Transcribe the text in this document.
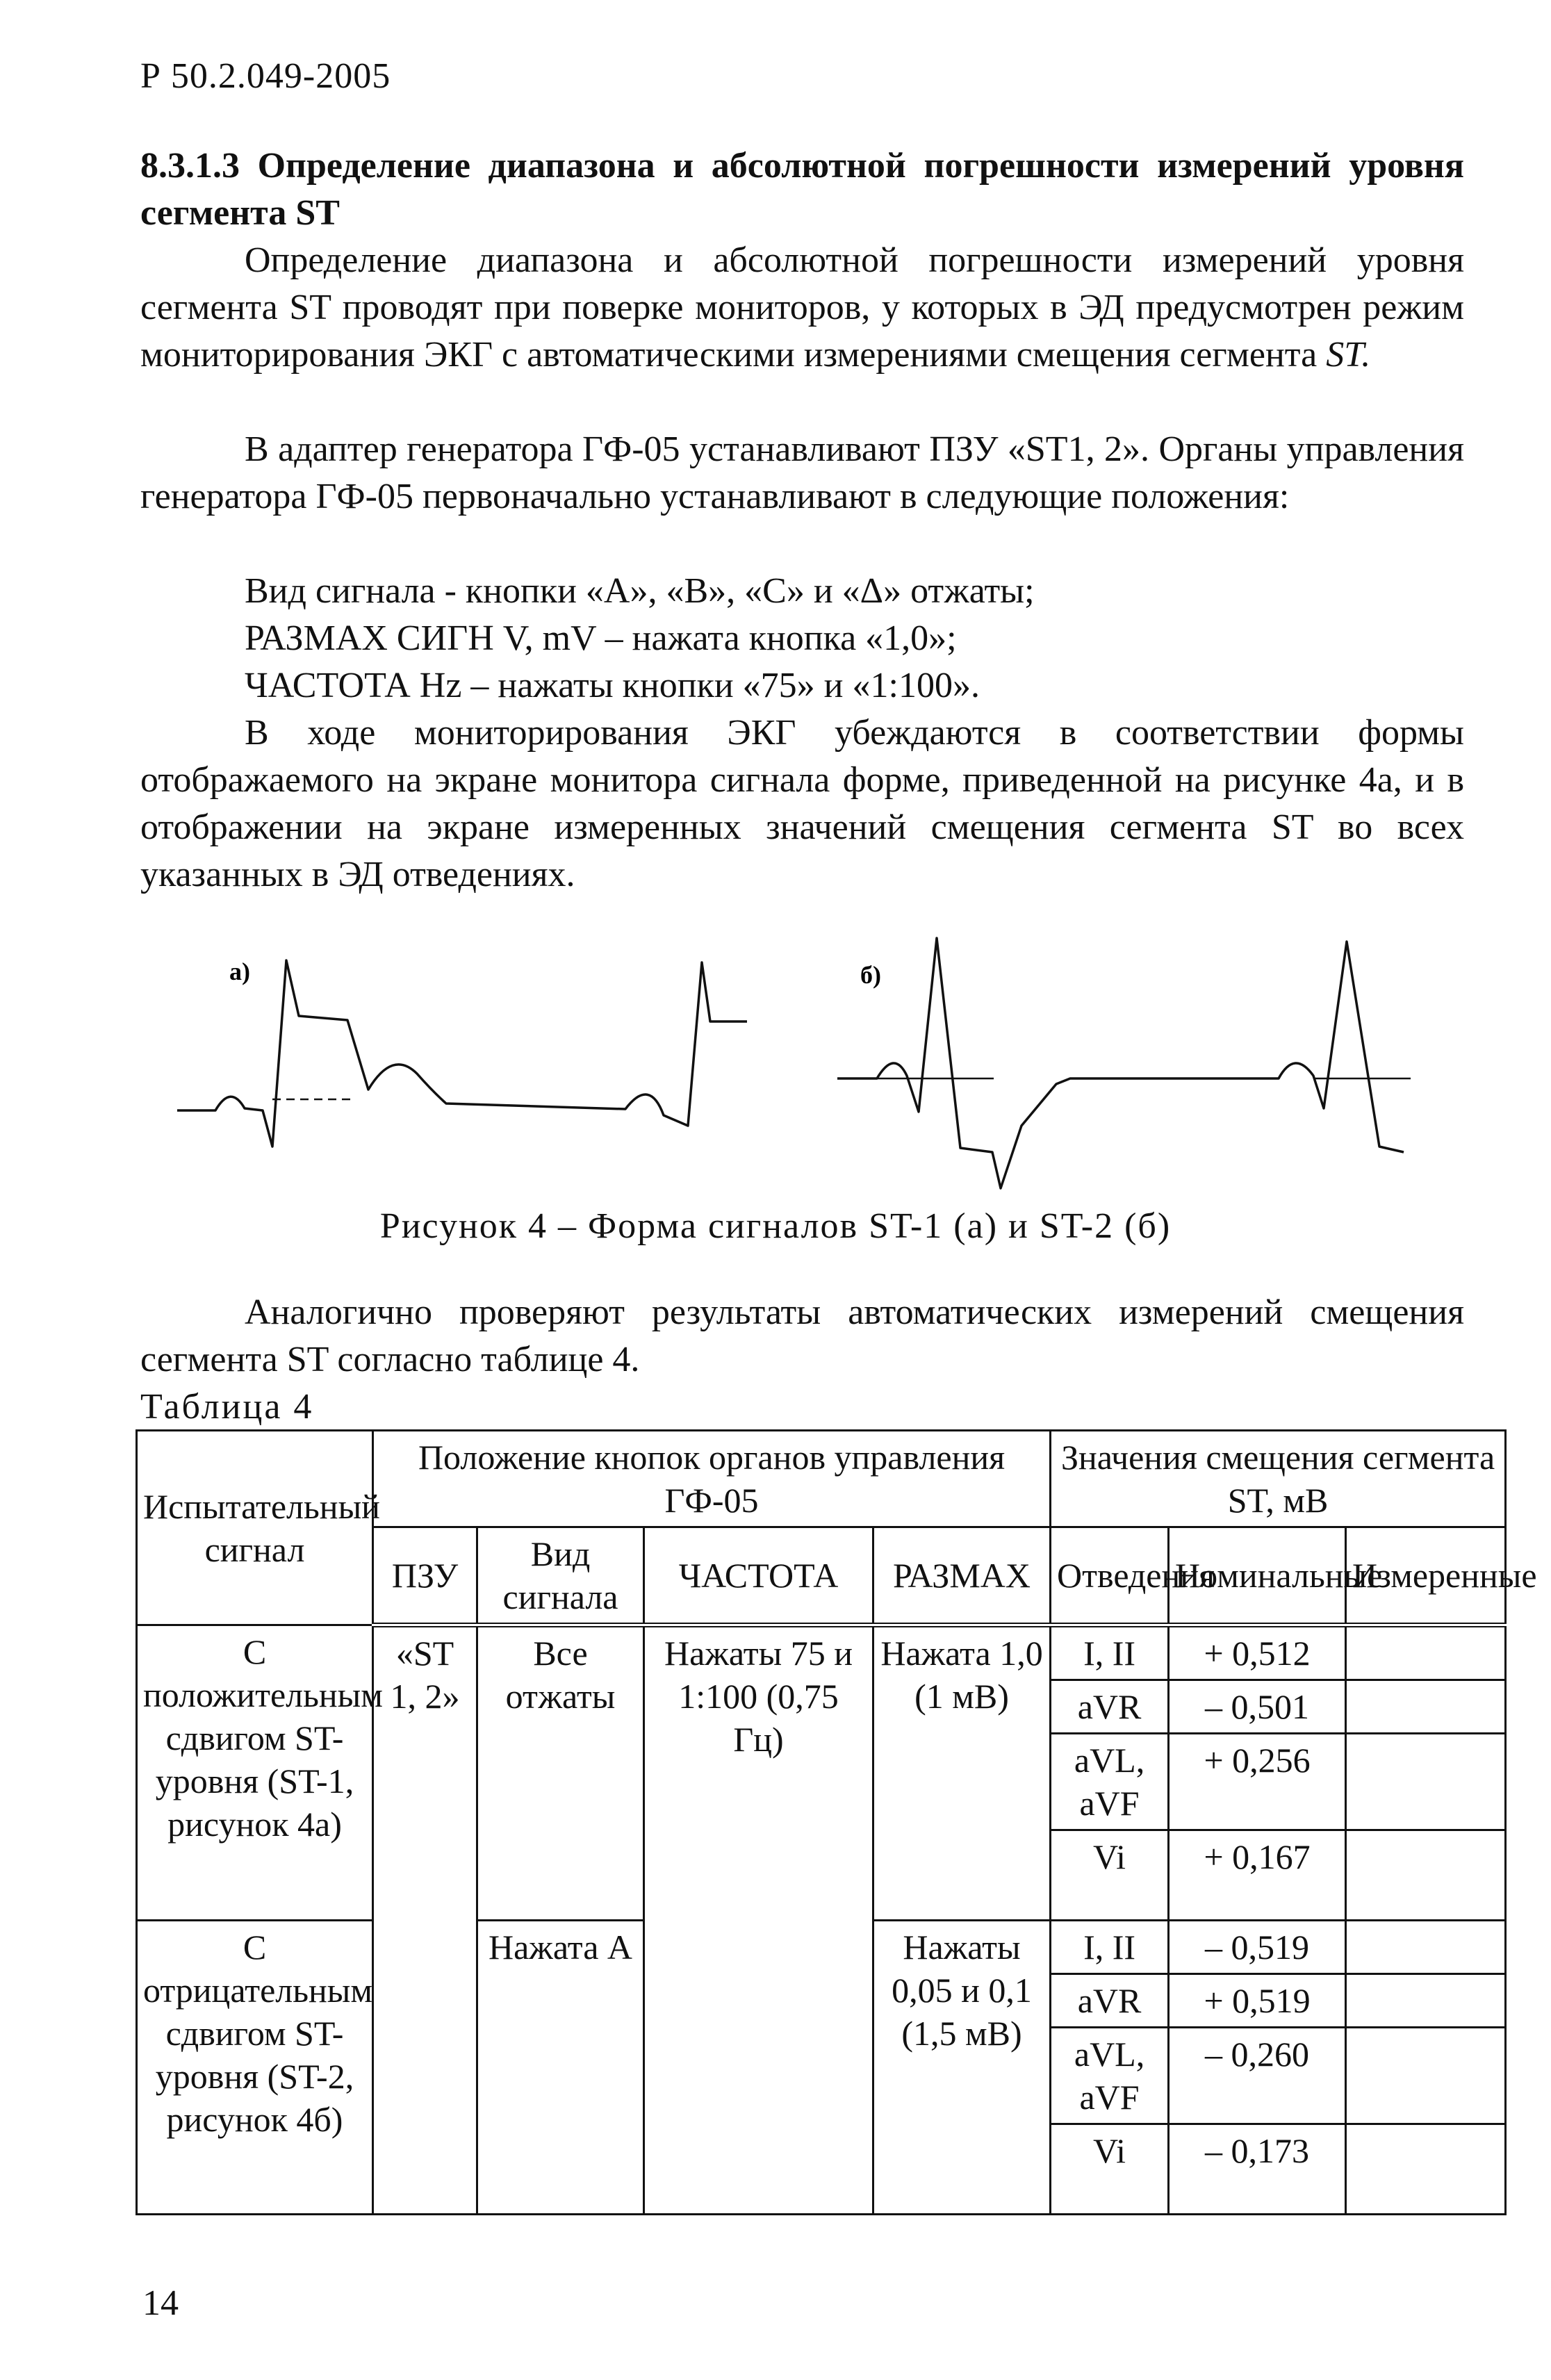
Р 50.2.049-2005
8.3.1.3 Определение диапазона и абсолютной погрешности измерений уровня сегмента ST
Определение диапазона и абсолютной погрешности измерений уровня сегмента ST проводят при поверке мониторов, у которых в ЭД предусмотрен режим мониторирования ЭКГ с автоматическими измерениями смещения сегмента ST.
В адаптер генератора ГФ-05 устанавливают ПЗУ «ST1, 2». Органы управления генератора ГФ-05 первоначально устанавливают в следующие положения:
Вид сигнала - кнопки «А», «В», «С» и «Δ» отжаты;
РАЗМАХ СИГН V, mV – нажата кнопка «1,0»;
ЧАСТОТА Hz – нажаты кнопки «75» и «1:100».
В ходе мониторирования ЭКГ убеждаются в соответствии формы отображаемого на экране монитора сигнала форме, приведенной на рисунке 4а, и в отображении на экране измеренных значений смещения сегмента ST во всех указанных в ЭД отведениях.
а)	б)
Рисунок 4 – Форма сигналов ST-1 (а) и ST-2 (б)
Аналогично проверяют результаты автоматических измерений смещения сегмента ST согласно таблице 4.
Таблица 4
Испытательный сигнал	Положение кнопок органов управления ГФ-05				Значения смещения сегмента ST, мВ		
	ПЗУ	Вид сигнала	ЧАСТОТА	РАЗМАХ	Отведения	Номинальные	Измеренные
С положительным сдвигом ST-уровня (ST-1, рисунок 4а)	«ST 1, 2»	Все отжаты	Нажаты 75 и 1:100 (0,75 Гц)	Нажата 1,0 (1 мВ)	I, II	+ 0,512	
					aVR	– 0,501	
					aVL, aVF	+ 0,256	
					Vi	+ 0,167	
С отрицательным сдвигом ST-уровня (ST-2, рисунок 4б)		Нажата А		Нажаты 0,05 и 0,1 (1,5 мВ)	I, II	– 0,519	
					aVR	+ 0,519	
					aVL, aVF	– 0,260	
					Vi	– 0,173	
14
